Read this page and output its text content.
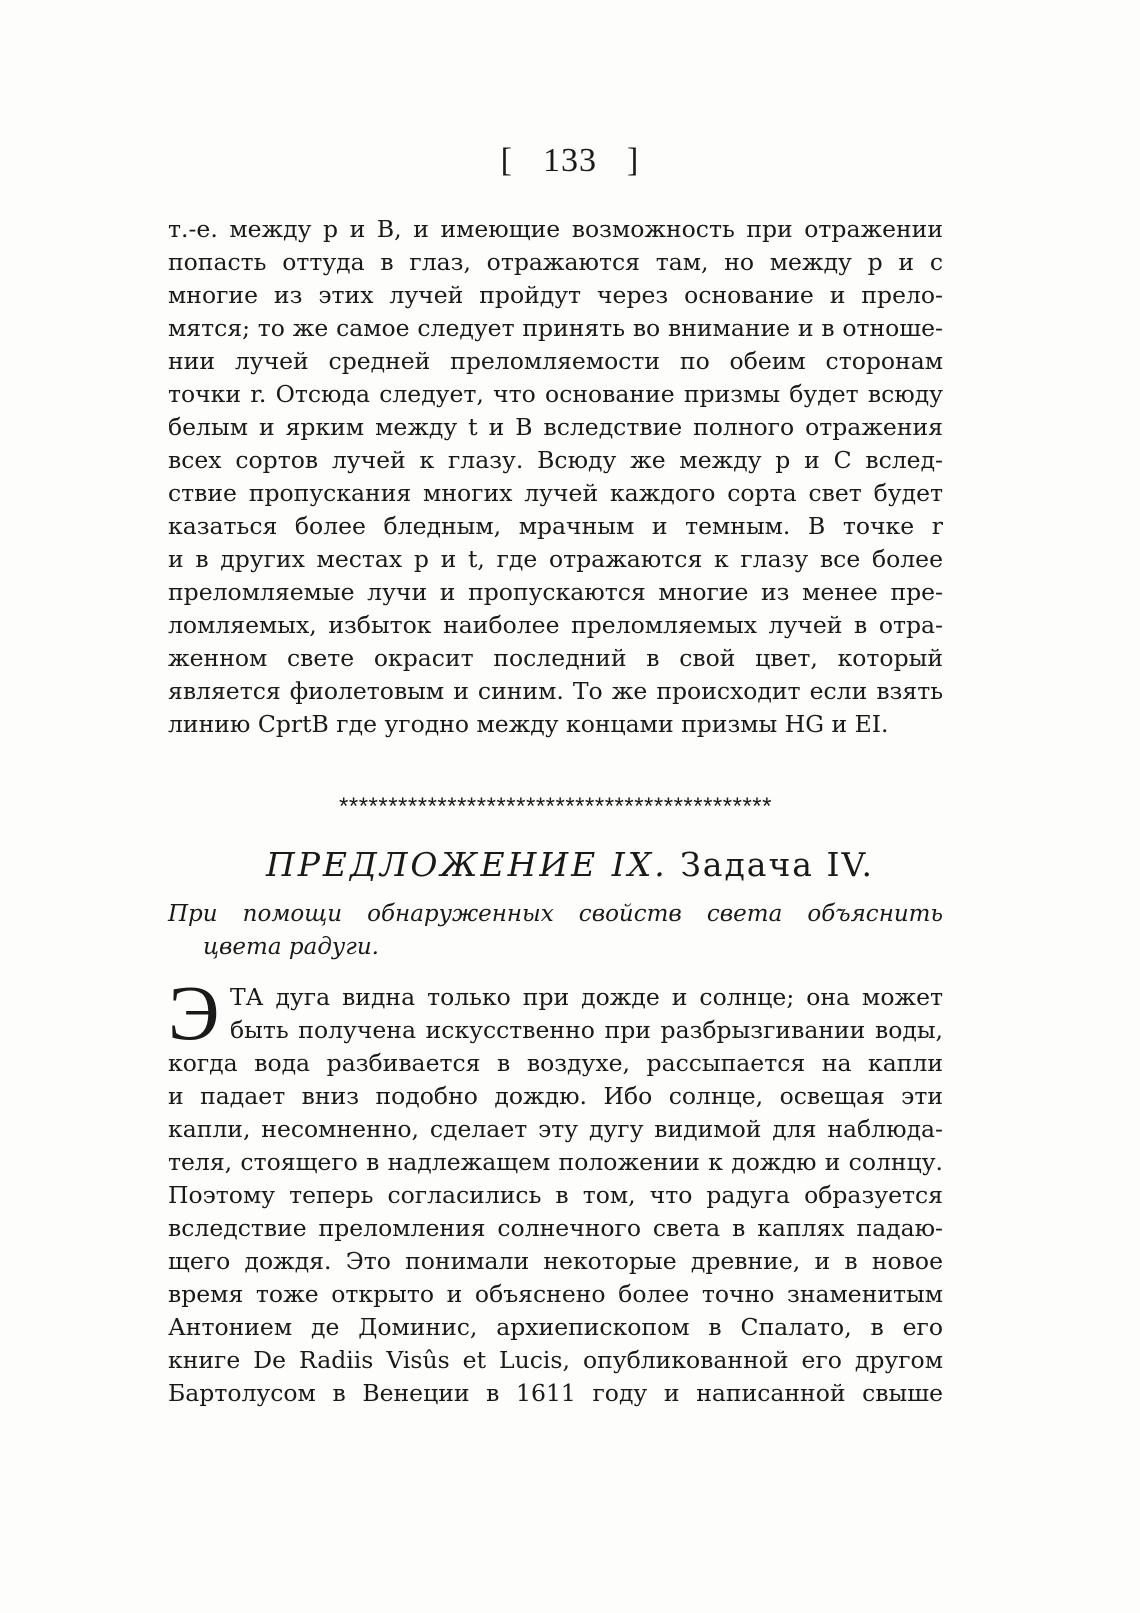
[ 133 ]
т.-е. между p и B, и имеющие возможность при отражении
попасть оттуда в глаз, отражаются там, но между p и c
многие из этих лучей пройдут через основание и прело-
мятся; то же самое следует принять во внимание и в отноше-
нии лучей средней преломляемости по обеим сторонам
точки r. Отсюда следует, что основание призмы будет всюду
белым и ярким между t и B вследствие полного отражения
всех сортов лучей к глазу. Всюду же между p и C вслед-
ствие пропускания многих лучей каждого сорта свет будет
казаться более бледным, мрачным и темным. В точке r
и в других местах p и t, где отражаются к глазу все более
преломляемые лучи и пропускаются многие из менее пре-
ломляемых, избыток наиболее преломляемых лучей в отра-
женном свете окрасит последний в свой цвет, который
является фиолетовым и синим. То же происходит если взять
линию CprtB где угодно между концами призмы HG и EI.
********************************************
ПРЕДЛОЖЕНИЕ IX. Задача IV.
При помощи обнаруженных свойств света объяснить
цвета радуги.
Э ТА дуга видна только при дожде и солнце; она может
быть получена искусственно при разбрызгивании воды,
когда вода разбивается в воздухе, рассыпается на капли
и падает вниз подобно дождю. Ибо солнце, освещая эти
капли, несомненно, сделает эту дугу видимой для наблюда-
теля, стоящего в надлежащем положении к дождю и солнцу.
Поэтому теперь согласились в том, что радуга образуется
вследствие преломления солнечного света в каплях падаю-
щего дождя. Это понимали некоторые древние, и в новое
время тоже открыто и объяснено более точно знаменитым
Антонием де Доминис, архиепископом в Спалато, в его
книге De Radiis Visûs et Lucis, опубликованной его другом
Бартолусом в Венеции в 1611 году и написанной свыше
